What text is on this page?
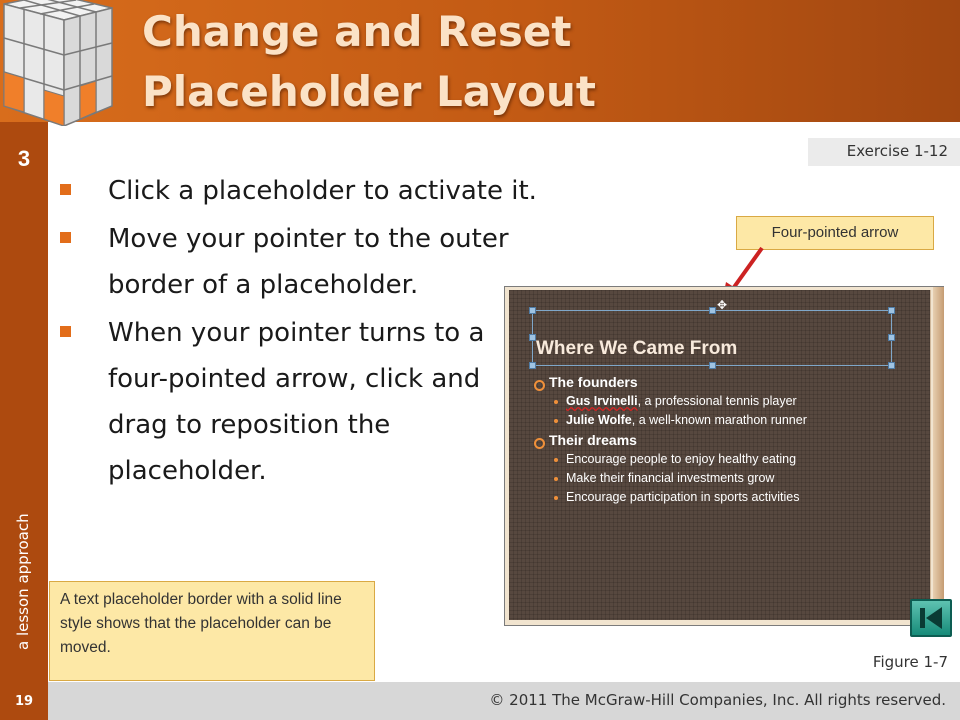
Change and Reset
Placeholder Layout
3
a lesson approach
Exercise 1-12
Click a placeholder to activate it.
Move your pointer to the outer border of a placeholder.
When your pointer turns to a four-pointed arrow, click and drag to reposition the placeholder.
Four-pointed arrow
✥
Where We Came From
The founders
Gus Irvinelli, a professional tennis player
Julie Wolfe, a well-known marathon runner
Their dreams
Encourage people to enjoy healthy eating
Make their financial investments grow
Encourage participation in sports activities
A text placeholder border with a solid line style shows that the placeholder can be moved.
Figure 1-7
19	© 2011 The McGraw-Hill Companies, Inc. All rights reserved.
